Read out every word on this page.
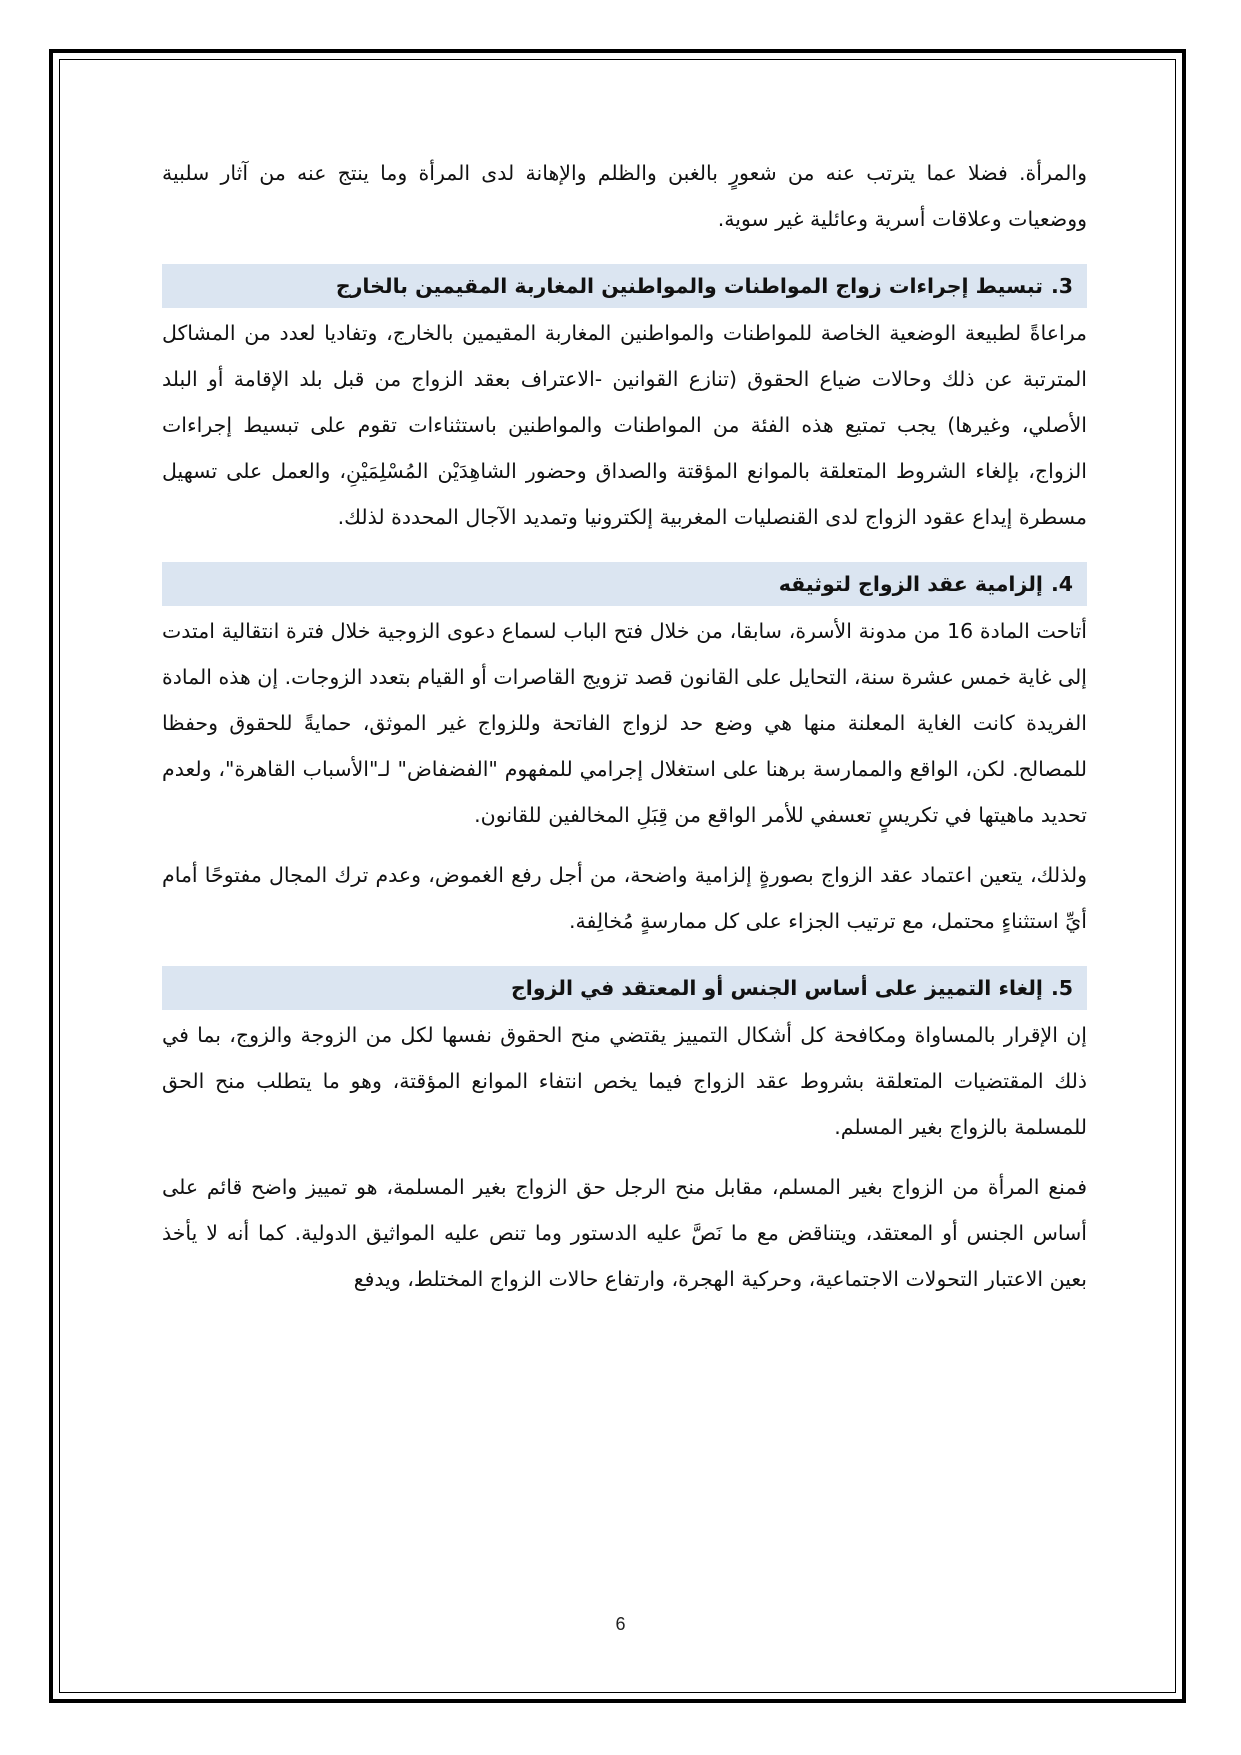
والمرأة. فضلا عما يترتب عنه من شعورٍ بالغبن والظلم والإهانة لدى المرأة وما ينتج عنه من آثار سلبية ووضعيات وعلاقات أسرية وعائلية غير سوية.

3.تبسيط إجراءات زواج المواطنات والمواطنين المغاربة المقيمين بالخارج

مراعاةً لطبيعة الوضعية الخاصة للمواطنات والمواطنين المغاربة المقيمين بالخارج، وتفاديا لعدد من المشاكل المترتبة عن ذلك وحالات ضياع الحقوق (تنازع القوانين -الاعتراف بعقد الزواج من قبل بلد الإقامة أو البلد الأصلي، وغيرها) يجب تمتيع هذه الفئة من المواطنات والمواطنين باستثناءات تقوم على تبسيط إجراءات الزواج، بإلغاء الشروط المتعلقة بالموانع المؤقتة والصداق وحضور الشاهِدَيْن المُسْلِمَيْنِ، والعمل على تسهيل مسطرة إيداع عقود الزواج لدى القنصليات المغربية إلكترونيا وتمديد الآجال المحددة لذلك.

4.إلزامية عقد الزواج لتوثيقه

أتاحت المادة 16 من مدونة الأسرة، سابقا، من خلال فتح الباب لسماع دعوى الزوجية خلال فترة انتقالية امتدت إلى غاية خمس عشرة سنة، التحايل على القانون قصد تزويج القاصرات أو القيام بتعدد الزوجات. إن هذه المادة الفريدة كانت الغاية المعلنة منها هي وضع حد لزواج الفاتحة وللزواج غير الموثق، حمايةً للحقوق وحفظا للمصالح. لكن، الواقع والممارسة برهنا على استغلال إجرامي للمفهوم "الفضفاض" لـ"الأسباب القاهرة"، ولعدم تحديد ماهيتها في تكريسٍ تعسفي للأمر الواقع من قِبَلِ المخالفين للقانون.

ولذلك، يتعين اعتماد عقد الزواج بصورةٍ إلزامية واضحة، من أجل رفع الغموض، وعدم ترك المجال مفتوحًا أمام أيِّ استثناءٍ محتمل، مع ترتيب الجزاء على كل ممارسةٍ مُخالِفة.

5.إلغاء التمييز على أساس الجنس أو المعتقد في الزواج

إن الإقرار بالمساواة ومكافحة كل أشكال التمييز يقتضي منح الحقوق نفسها لكل من الزوجة والزوج، بما في ذلك المقتضيات المتعلقة بشروط عقد الزواج فيما يخص انتفاء الموانع المؤقتة، وهو ما يتطلب منح الحق للمسلمة بالزواج بغير المسلم.

فمنع المرأة من الزواج بغير المسلم، مقابل منح الرجل حق الزواج بغير المسلمة، هو تمييز واضح قائم على أساس الجنس أو المعتقد، ويتناقض مع ما نَصَّ عليه الدستور وما تنص عليه المواثيق الدولية. كما أنه لا يأخذ بعين الاعتبار التحولات الاجتماعية، وحركية الهجرة، وارتفاع حالات الزواج المختلط، ويدفع

6
